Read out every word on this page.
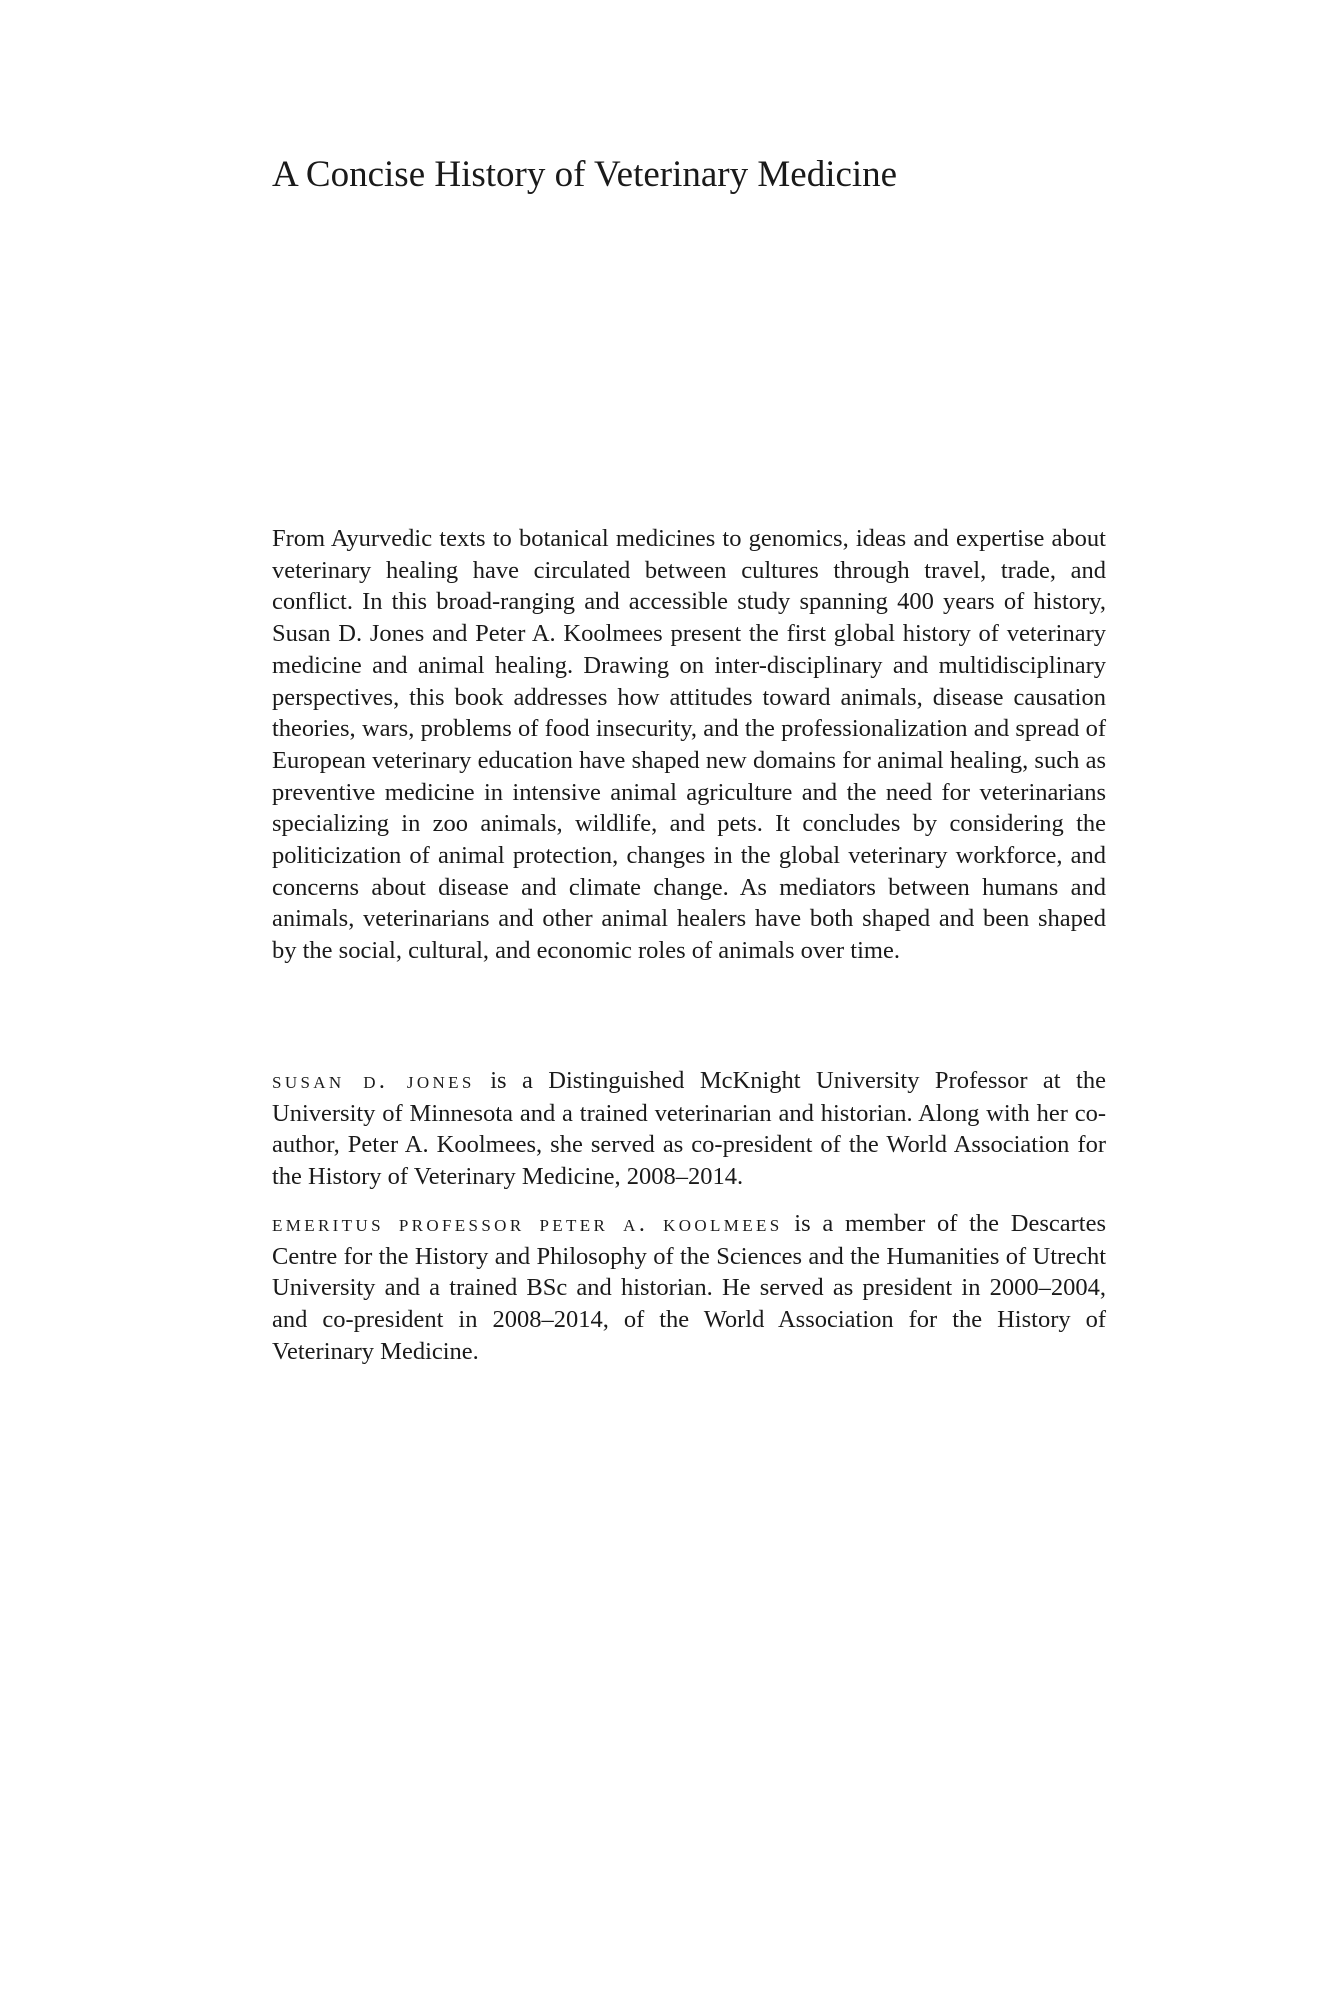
A Concise History of Veterinary Medicine

From Ayurvedic texts to botanical medicines to genomics, ideas and expertise about veterinary healing have circulated between cultures through travel, trade, and conflict. In this broad-ranging and accessible study spanning 400 years of history, Susan D. Jones and Peter A. Koolmees present the first global history of veterinary medicine and animal healing. Drawing on inter-disciplinary and multidisciplinary perspectives, this book addresses how attitudes toward animals, disease causation theories, wars, problems of food insecurity, and the professionalization and spread of European veterinary education have shaped new domains for animal healing, such as preventive medicine in intensive animal agriculture and the need for veterinarians specializing in zoo animals, wildlife, and pets. It concludes by considering the politicization of animal protection, changes in the global veterinary workforce, and concerns about disease and climate change. As mediators between humans and animals, veterinarians and other animal healers have both shaped and been shaped by the social, cultural, and economic roles of animals over time.

susan d. jones is a Distinguished McKnight University Professor at the University of Minnesota and a trained veterinarian and historian. Along with her co-author, Peter A. Koolmees, she served as co-president of the World Association for the History of Veterinary Medicine, 2008–2014.

emeritus professor peter a. koolmees is a member of the Descartes Centre for the History and Philosophy of the Sciences and the Humanities of Utrecht University and a trained BSc and historian. He served as president in 2000–2004, and co-president in 2008–2014, of the World Association for the History of Veterinary Medicine.
